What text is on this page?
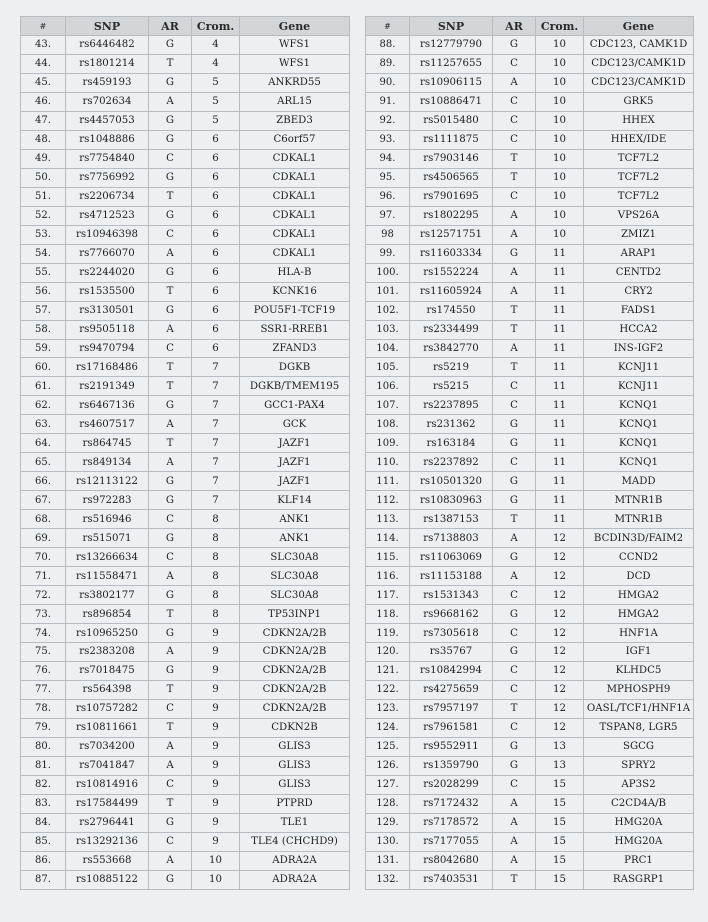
#	SNP	AR	Crom.	Gene
43.	rs6446482	G	4	WFS1
44.	rs1801214	T	4	WFS1
45.	rs459193	G	5	ANKRD55
46.	rs702634	A	5	ARL15
47.	rs4457053	G	5	ZBED3
48.	rs1048886	G	6	C6orf57
49.	rs7754840	C	6	CDKAL1
50.	rs7756992	G	6	CDKAL1
51.	rs2206734	T	6	CDKAL1
52.	rs4712523	G	6	CDKAL1
53.	rs10946398	C	6	CDKAL1
54.	rs7766070	A	6	CDKAL1
55.	rs2244020	G	6	HLA-B
56.	rs1535500	T	6	KCNK16
57.	rs3130501	G	6	POU5F1-TCF19
58.	rs9505118	A	6	SSR1-RREB1
59.	rs9470794	C	6	ZFAND3
60.	rs17168486	T	7	DGKB
61.	rs2191349	T	7	DGKB/TMEM195
62.	rs6467136	G	7	GCC1-PAX4
63.	rs4607517	A	7	GCK
64.	rs864745	T	7	JAZF1
65.	rs849134	A	7	JAZF1
66.	rs12113122	G	7	JAZF1
67.	rs972283	G	7	KLF14
68.	rs516946	C	8	ANK1
69.	rs515071	G	8	ANK1
70.	rs13266634	C	8	SLC30A8
71.	rs11558471	A	8	SLC30A8
72.	rs3802177	G	8	SLC30A8
73.	rs896854	T	8	TP53INP1
74.	rs10965250	G	9	CDKN2A/2B
75.	rs2383208	A	9	CDKN2A/2B
76.	rs7018475	G	9	CDKN2A/2B
77.	rs564398	T	9	CDKN2A/2B
78.	rs10757282	C	9	CDKN2A/2B
79.	rs10811661	T	9	CDKN2B
80.	rs7034200	A	9	GLIS3
81.	rs7041847	A	9	GLIS3
82.	rs10814916	C	9	GLIS3
83.	rs17584499	T	9	PTPRD
84.	rs2796441	G	9	TLE1
85.	rs13292136	C	9	TLE4 (CHCHD9)
86.	rs553668	A	10	ADRA2A
87.	rs10885122	G	10	ADRA2A
#	SNP	AR	Crom.	Gene
88.	rs12779790	G	10	CDC123, CAMK1D
89.	rs11257655	C	10	CDC123/CAMK1D
90.	rs10906115	A	10	CDC123/CAMK1D
91.	rs10886471	C	10	GRK5
92.	rs5015480	C	10	HHEX
93.	rs1111875	C	10	HHEX/IDE
94.	rs7903146	T	10	TCF7L2
95.	rs4506565	T	10	TCF7L2
96.	rs7901695	C	10	TCF7L2
97.	rs1802295	A	10	VPS26A
98	rs12571751	A	10	ZMIZ1
99.	rs11603334	G	11	ARAP1
100.	rs1552224	A	11	CENTD2
101.	rs11605924	A	11	CRY2
102.	rs174550	T	11	FADS1
103.	rs2334499	T	11	HCCA2
104.	rs3842770	A	11	INS-IGF2
105.	rs5219	T	11	KCNJ11
106.	rs5215	C	11	KCNJ11
107.	rs2237895	C	11	KCNQ1
108.	rs231362	G	11	KCNQ1
109.	rs163184	G	11	KCNQ1
110.	rs2237892	C	11	KCNQ1
111.	rs10501320	G	11	MADD
112.	rs10830963	G	11	MTNR1B
113.	rs1387153	T	11	MTNR1B
114.	rs7138803	A	12	BCDIN3D/FAIM2
115.	rs11063069	G	12	CCND2
116.	rs11153188	A	12	DCD
117.	rs1531343	C	12	HMGA2
118.	rs9668162	G	12	HMGA2
119.	rs7305618	C	12	HNF1A
120.	rs35767	G	12	IGF1
121.	rs10842994	C	12	KLHDC5
122.	rs4275659	C	12	MPHOSPH9
123.	rs7957197	T	12	OASL/TCF1/HNF1A
124.	rs7961581	C	12	TSPAN8, LGR5
125.	rs9552911	G	13	SGCG
126.	rs1359790	G	13	SPRY2
127.	rs2028299	C	15	AP3S2
128.	rs7172432	A	15	C2CD4A/B
129.	rs7178572	A	15	HMG20A
130.	rs7177055	A	15	HMG20A
131.	rs8042680	A	15	PRC1
132.	rs7403531	T	15	RASGRP1
